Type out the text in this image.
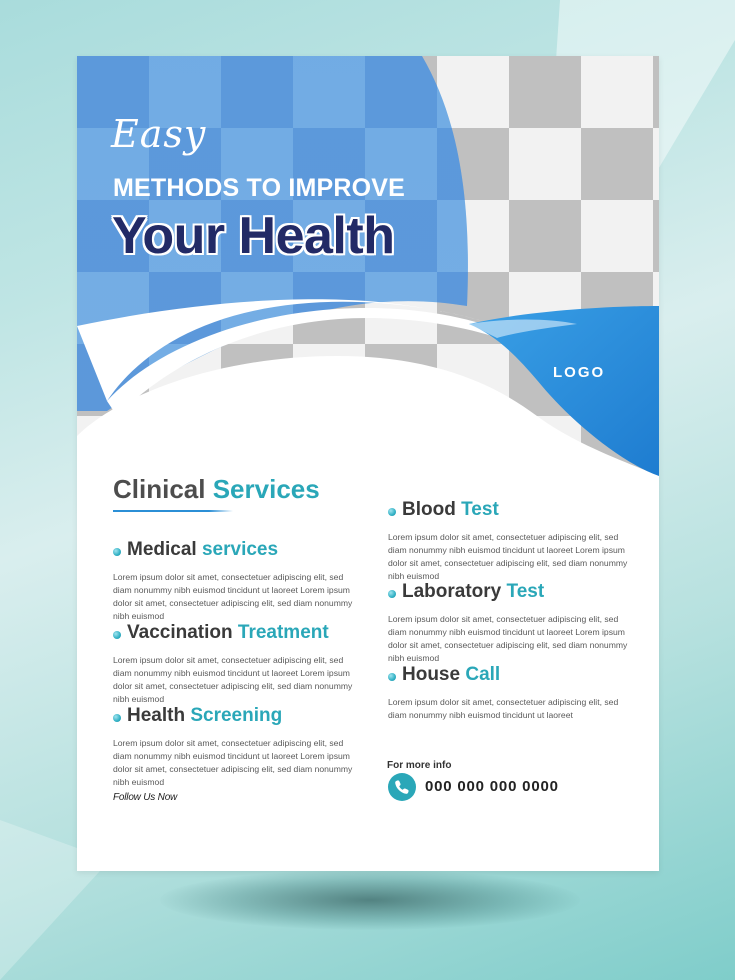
Easy

METHODS TO IMPROVE

Your Health

LOGO

Clinical Services
Medical services

Lorem ipsum dolor sit amet, consectetuer adipiscing elit, sed diam nonummy nibh euismod tincidunt ut laoreet Lorem ipsum dolor sit amet, consectetuer adipiscing elit, sed diam nonummy nibh euismod

Vaccination Treatment

Lorem ipsum dolor sit amet, consectetuer adipiscing elit, sed diam nonummy nibh euismod tincidunt ut laoreet Lorem ipsum dolor sit amet, consectetuer adipiscing elit, sed diam nonummy nibh euismod

Health Screening

Lorem ipsum dolor sit amet, consectetuer adipiscing elit, sed diam nonummy nibh euismod tincidunt ut laoreet Lorem ipsum dolor sit amet, consectetuer adipiscing elit, sed diam nonummy nibh euismod

Blood Test

Lorem ipsum dolor sit amet, consectetuer adipiscing elit, sed diam nonummy nibh euismod tincidunt ut laoreet Lorem ipsum dolor sit amet, consectetuer adipiscing elit, sed diam nonummy nibh euismod

Laboratory Test

Lorem ipsum dolor sit amet, consectetuer adipiscing elit, sed diam nonummy nibh euismod tincidunt ut laoreet Lorem ipsum dolor sit amet, consectetuer adipiscing elit, sed diam nonummy nibh euismod

House Call

Lorem ipsum dolor sit amet, consectetuer adipiscing elit, sed diam nonummy nibh euismod tincidunt ut laoreet

Follow Us Now

For more info

000 000 000 0000
